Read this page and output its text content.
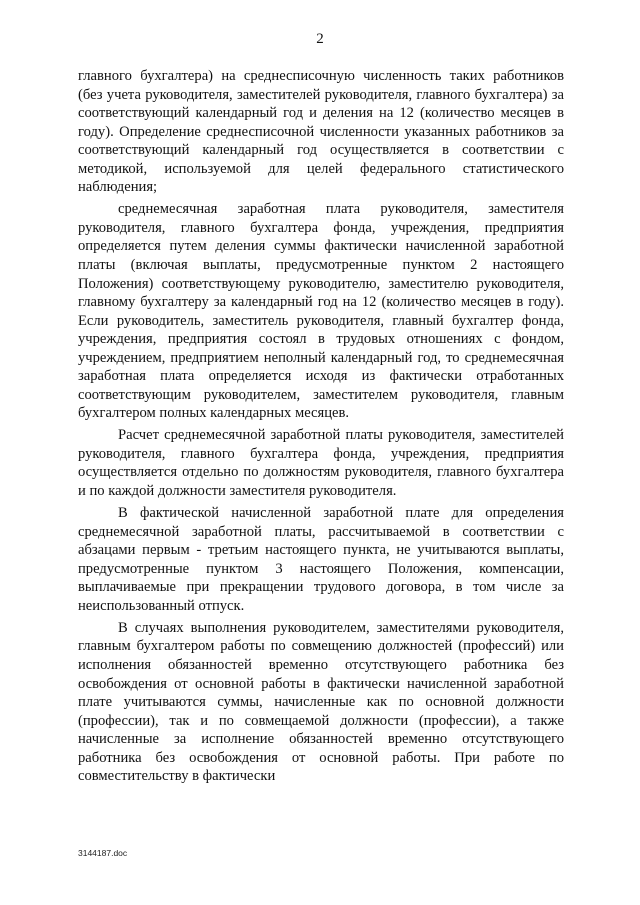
2

главного бухгалтера) на среднесписочную численность таких работников (без учета руководителя, заместителей руководителя, главного бухгалтера) за соответствующий календарный год и деления на 12 (количество месяцев в году). Определение среднесписочной численности указанных работников за соответствующий календарный год осуществляется в соответствии с методикой, используемой для целей федерального статистического наблюдения;

среднемесячная заработная плата руководителя, заместителя руководителя, главного бухгалтера фонда, учреждения, предприятия определяется путем деления суммы фактически начисленной заработной платы (включая выплаты, предусмотренные пунктом 2 настоящего Положения) соответствующему руководителю, заместителю руководителя, главному бухгалтеру за календарный год на 12 (количество месяцев в году). Если руководитель, заместитель руководителя, главный бухгалтер фонда, учреждения, предприятия состоял в трудовых отношениях с фондом, учреждением, предприятием неполный календарный год, то среднемесячная заработная плата определяется исходя из фактически отработанных соответствующим руководителем, заместителем руководителя, главным бухгалтером полных календарных месяцев.

Расчет среднемесячной заработной платы руководителя, заместителей руководителя, главного бухгалтера фонда, учреждения, предприятия осуществляется отдельно по должностям руководителя, главного бухгалтера и по каждой должности заместителя руководителя.

В фактической начисленной заработной плате для определения среднемесячной заработной платы, рассчитываемой в соответствии с абзацами первым - третьим настоящего пункта, не учитываются выплаты, предусмотренные пунктом 3 настоящего Положения, компенсации, выплачиваемые при прекращении трудового договора, в том числе за неиспользованный отпуск.

В случаях выполнения руководителем, заместителями руководителя, главным бухгалтером работы по совмещению должностей (профессий) или исполнения обязанностей временно отсутствующего работника без освобождения от основной работы в фактически начисленной заработной плате учитываются суммы, начисленные как по основной должности (профессии), так и по совмещаемой должности (профессии), а также начисленные за исполнение обязанностей временно отсутствующего работника без освобождения от основной работы. При работе по совместительству в фактически

3144187.doc
